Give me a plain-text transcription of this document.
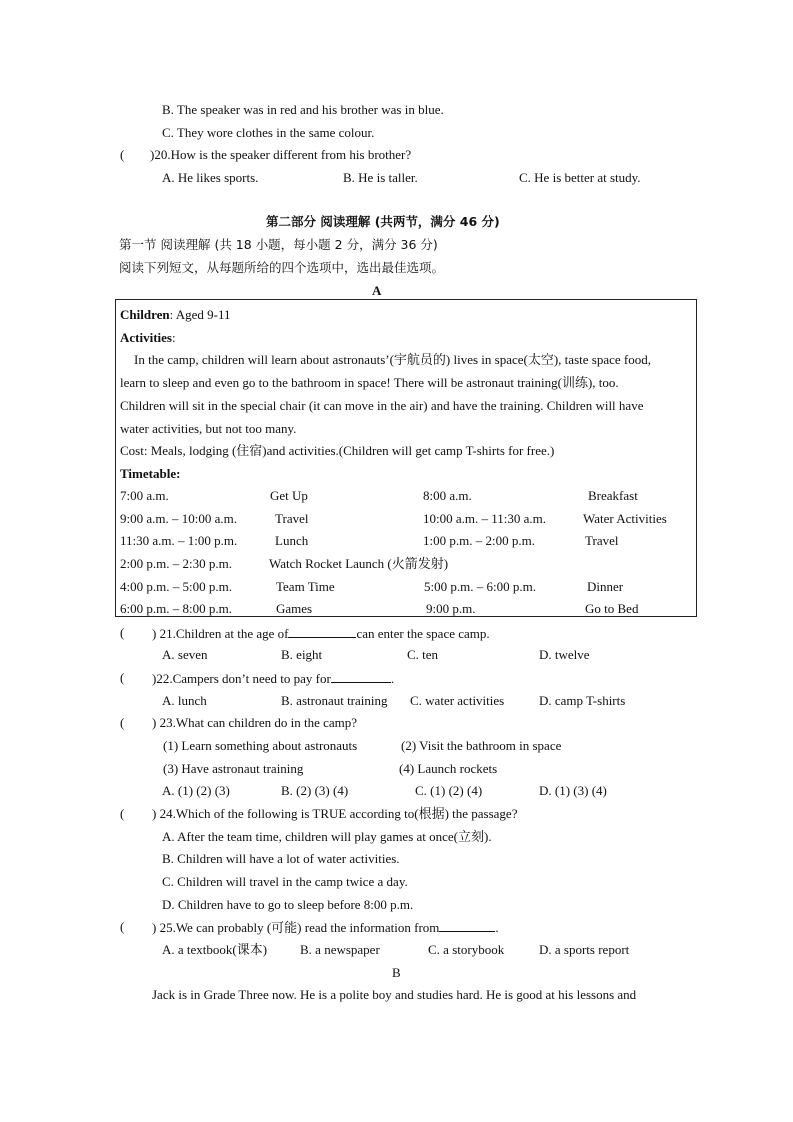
B. The speaker was in red and his brother was in blue.
C. They wore clothes in the same colour.
( )20.How is the speaker different from his brother?
A. He likes sports.	B. He is taller.	C. He is better at study.
第二部分 阅读理解 (共两节，满分 46 分)
第一节 阅读理解 (共 18 小题，每小题 2 分，满分 36 分)
阅读下列短文，从每题所给的四个选项中，选出最佳选项。
A
Children: Aged 9-11
Activities:
In the camp, children will learn about astronauts’(宇航员的) lives in space(太空), taste space food,
learn to sleep and even go to the bathroom in space! There will be astronaut training(训练), too.
Children will sit in the special chair (it can move in the air) and have the training. Children will have
water activities, but not too many.
Cost: Meals, lodging (住宿)and activities.(Children will get camp T-shirts for free.)
Timetable:
7:00 a.m.	Get Up	8:00 a.m.	Breakfast
9:00 a.m. – 10:00 a.m.	Travel	10:00 a.m. – 11:30 a.m.	Water Activities
11:30 a.m. – 1:00 p.m.	Lunch	1:00 p.m. – 2:00 p.m.	Travel
2:00 p.m. – 2:30 p.m.	Watch Rocket Launch (火箭发射)
4:00 p.m. – 5:00 p.m.	Team Time	5:00 p.m. – 6:00 p.m.	Dinner
6:00 p.m. – 8:00 p.m.	Games	9:00 p.m.	Go to Bed
( ) 21.Children at the age of	can enter the space camp.
A. seven	B. eight	C. ten	D. twelve
( )22.Campers don’t need to pay for	.
A. lunch	B. astronaut training C. water activities	D. camp T-shirts
( ) 23.What can children do in the camp?
(1) Learn something about astronauts	(2) Visit the bathroom in space
(3) Have astronaut training	(4) Launch rockets
A. (1) (2) (3)	B. (2) (3) (4)	C. (1) (2) (4)	D. (1) (3) (4)
( ) 24.Which of the following is TRUE according to(根据) the passage?
A. After the team time, children will play games at once(立刻).
B. Children will have a lot of water activities.
C. Children will travel in the camp twice a day.
D. Children have to go to sleep before 8:00 p.m.
( ) 25.We can probably (可能) read the information from	.
A. a textbook(课本)	B. a newspaper	C. a storybook	D. a sports report
B
Jack is in Grade Three now. He is a polite boy and studies hard. He is good at his lessons and
